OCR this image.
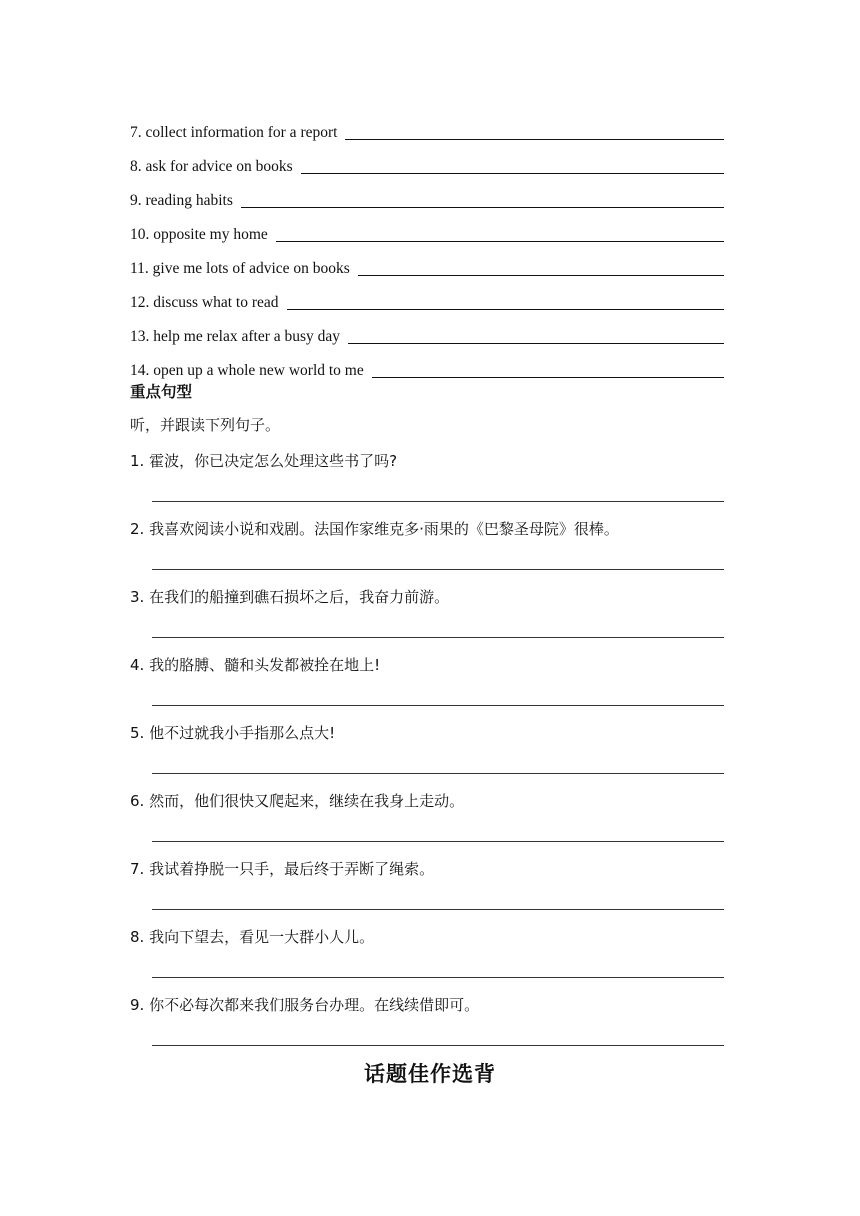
7. collect information for a report
8. ask for advice on books
9. reading habits
10. opposite my home
11. give me lots of advice on books
12. discuss what to read
13. help me relax after a busy day
14. open up a whole new world to me
重点句型
听，并跟读下列句子。
1. 霍波，你已决定怎么处理这些书了吗?
2. 我喜欢阅读小说和戏剧。法国作家维克多·雨果的《巴黎圣母院》很棒。
3. 在我们的船撞到礁石损坏之后，我奋力前游。
4. 我的胳膊、髓和头发都被拴在地上!
5. 他不过就我小手指那么点大!
6. 然而，他们很快又爬起来，继续在我身上走动。
7. 我试着挣脱一只手，最后终于弄断了绳索。
8. 我向下望去，看见一大群小人儿。
9. 你不必每次都来我们服务台办理。在线续借即可。
话题佳作选背
